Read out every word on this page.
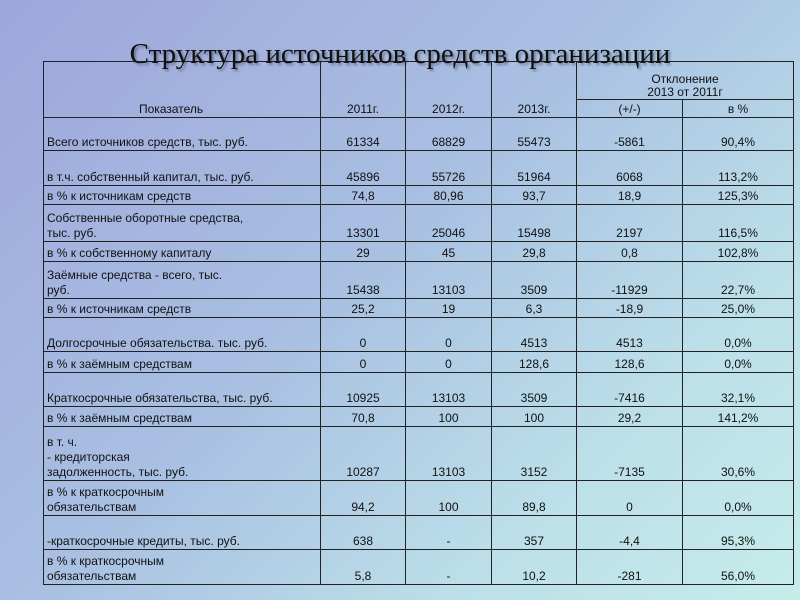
Структура источников средств организации
Показатель	2011г.	2012г.	2013г.	Отклонение
2013 от 2011г	
				(+/-)	в %
Всего источников средств, тыс. руб.	61334	68829	55473	-5861	90,4%
в т.ч. собственный капитал, тыс. руб.	45896	55726	51964	6068	113,2%
в % к источникам средств	74,8	80,96	93,7	18,9	125,3%
Собственные оборотные средства,
тыс. руб.	13301	25046	15498	2197	116,5%
в % к собственному капиталу	29	45	29,8	0,8	102,8%
Заёмные средства - всего, тыс.
руб.	15438	13103	3509	-11929	22,7%
в % к источникам средств	25,2	19	6,3	-18,9	25,0%
Долгосрочные обязательства. тыс. руб.	0	0	4513	4513	0,0%
в % к заёмным средствам	0	0	128,6	128,6	0,0%
Краткосрочные обязательства, тыс. руб.	10925	13103	3509	-7416	32,1%
в % к заёмным средствам	70,8	100	100	29,2	141,2%
в т. ч.
- кредиторская
задолженность, тыс. руб.	10287	13103	3152	-7135	30,6%
в % к краткосрочным
обязательствам	94,2	100	89,8	0	0,0%
-краткосрочные кредиты, тыс. руб.	638	-	357	-4,4	95,3%
в % к краткосрочным
обязательствам	5,8	-	10,2	-281	56,0%
